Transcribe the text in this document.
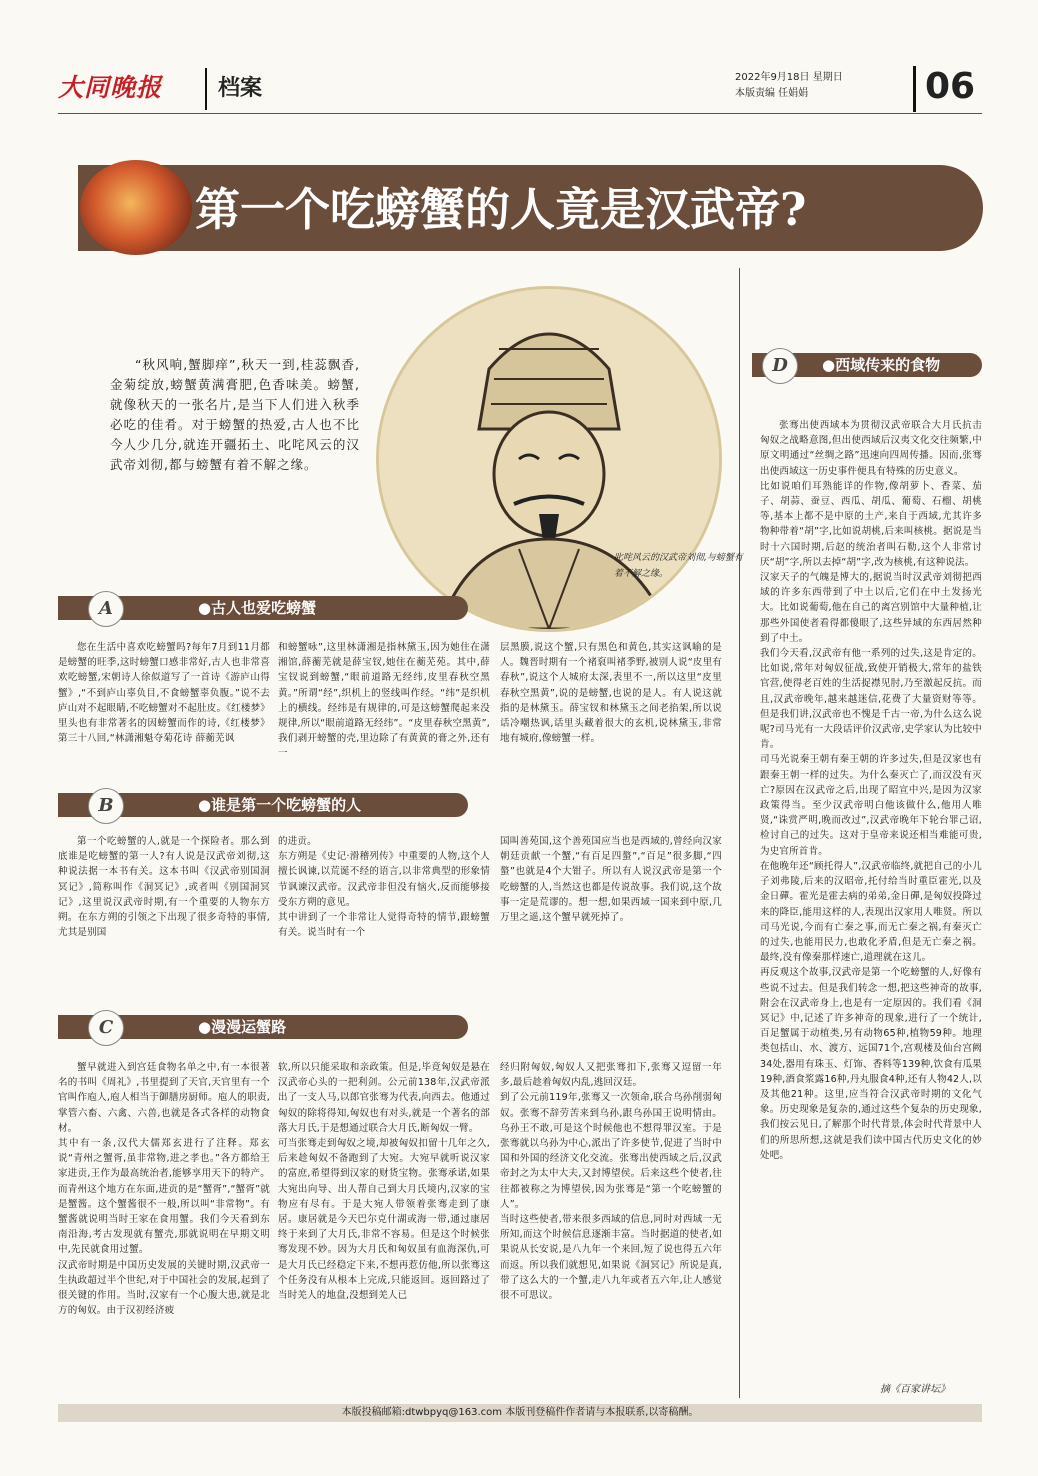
大同晚报	档案	2022年9月18日 星期日
本版责编 任娟娟	06
第一个吃螃蟹的人竟是汉武帝?
叱咤风云的汉武帝刘彻,与螃蟹有着不解之缘。
“秋风响,蟹脚痒”,秋天一到,桂蕊飘香,金菊绽放,螃蟹黄满膏肥,色香味美。螃蟹,就像秋天的一张名片,是当下人们进入秋季必吃的佳肴。对于螃蟹的热爱,古人也不比今人少几分,就连开疆拓土、叱咤风云的汉武帝刘彻,都与螃蟹有着不解之缘。
A	●古人也爱吃螃蟹

您在生活中喜欢吃螃蟹吗?每年7月到11月都是螃蟹的旺季,这时螃蟹口感非常好,古人也非常喜欢吃螃蟹,宋朝诗人徐似道写了一首诗《游庐山得蟹》,“不到庐山辜负目,不食螃蟹辜负腹。”说不去庐山对不起眼睛,不吃螃蟹对不起肚皮。《红楼梦》里头也有非常著名的因螃蟹而作的诗,《红楼梦》第三十八回,“林潇湘魁夺菊花诗 薛蘅芜讽

和螃蟹咏”,这里林潇湘是指林黛玉,因为她住在潇湘馆,薛蘅芜就是薛宝钗,她住在蘅芜苑。其中,薛宝钗说到螃蟹,“眼前道路无经纬,皮里春秋空黑黄。”所谓“经”,织机上的竖线叫作经。“纬”是织机上的横线。经纬是有规律的,可是这螃蟹爬起来没规律,所以“眼前道路无经纬”。“皮里春秋空黑黄”,我们剥开螃蟹的壳,里边除了有黄黄的膏之外,还有一

层黑膜,说这个蟹,只有黑色和黄色,其实这讽喻的是人。魏晋时期有一个褚裒叫褚季野,被别人说“皮里有春秋”,说这个人城府太深,表里不一,所以这里“皮里春秋空黑黄”,说的是螃蟹,也说的是人。有人说这就指的是林黛玉。薛宝钗和林黛玉之间老掐架,所以说话冷嘲热讽,话里头藏着很大的玄机,说林黛玉,非常地有城府,像螃蟹一样。

B	●谁是第一个吃螃蟹的人

第一个吃螃蟹的人,就是一个探险者。那么到底谁是吃螃蟹的第一人?有人说是汉武帝刘彻,这种说法据一本书有关。这本书叫《汉武帝别国洞冥记》,简称叫作《洞冥记》,或者叫《别国洞冥记》,这里说汉武帝时期,有一个重要的人物东方朔。在东方朔的引领之下出现了很多奇特的事情,尤其是别国

的进贡。
东方朔是《史记·滑稽列传》中重要的人物,这个人擅长讽谏,以荒诞不经的语言,以非常典型的形象情节讽谏汉武帝。汉武帝非但没有恼火,反而能够接受东方朔的意见。
其中讲到了一个非常让人觉得奇特的情节,跟螃蟹有关。说当时有一个

国叫善苑国,这个善苑国应当也是西域的,曾经向汉家朝廷贡献一个蟹,“有百足四螯”,“百足”很多脚,“四螯”也就是4个大钳子。所以有人说汉武帝是第一个吃螃蟹的人,当然这也都是传说故事。我们说,这个故事一定是荒谬的。想一想,如果西域一国来到中原,几万里之遥,这个蟹早就死掉了。

C	●漫漫运蟹路

蟹早就进入到宫廷食物名单之中,有一本很著名的书叫《周礼》,书里提到了天官,天官里有一个官叫作庖人,庖人相当于御膳房厨师。庖人的职责,掌管六畜、六禽、六兽,也就是各式各样的动物食材。
其中有一条,汉代大儒郑玄进行了注释。郑玄说“青州之蟹胥,虽非常物,进之孝也。”各方都给王家进贡,王作为最高统治者,能够享用天下的特产。而青州这个地方在东面,进贡的是“蟹胥”,“蟹胥”就是蟹酱。这个蟹酱很不一般,所以叫“非常物”。有蟹酱就说明当时王家在食用蟹。我们今天看到东南沿海,考古发现就有蟹壳,那就说明在早期文明中,先民就食用过蟹。
汉武帝时期是中国历史发展的关键时期,汉武帝一生执政超过半个世纪,对于中国社会的发展,起到了很关键的作用。当时,汉家有一个心腹大患,就是北方的匈奴。由于汉初经济疲

软,所以只能采取和亲政策。但是,毕竟匈奴是悬在汉武帝心头的一把利剑。公元前138年,汉武帝派出了一支人马,以郎官张骞为代表,向西去。他通过匈奴的除将得知,匈奴也有对头,就是一个著名的部落大月氏,于是想通过联合大月氏,断匈奴一臂。
可当张骞走到匈奴之境,却被匈奴扣留十几年之久,后来趁匈奴不备跑到了大宛。大宛早就听说汉家的富庶,希望得到汉家的财货宝物。张骞承诺,如果大宛出向导、出人帮自己到大月氏境内,汉家的宝物应有尽有。于是大宛人带领着张骞走到了康居。康居就是今天巴尔克什湖或海一带,通过康居终于来到了大月氏,非常不容易。但是这个时候张骞发现不妙。因为大月氏和匈奴虽有血海深仇,可是大月氏已经稳定下来,不想再惹仿他,所以张骞这个任务没有从根本上完成,只能返回。返回路过了当时羌人的地盘,没想到羌人已

经归附匈奴,匈奴人又把张骞扣下,张骞又逗留一年多,最后趁着匈奴内乱,逃回汉廷。
到了公元前119年,张骞又一次领命,联合乌孙削弱匈奴。张骞不辞劳苦来到乌孙,跟乌孙国王说明情由。乌孙王不敢,可是这个时候他也不想得罪汉室。于是张骞就以乌孙为中心,派出了许多使节,促进了当时中国和外国的经济文化交流。张骞出使西域之后,汉武帝封之为太中大夫,又封博望侯。后来这些个使者,往往都被称之为博望侯,因为张骞是“第一个吃螃蟹的人”。
当时这些使者,带来很多西域的信息,同时对西域一无所知,而这个时候信息逐渐丰富。当时据道的使者,如果说从长安说,是八九年一个来回,短了说也得五六年而返。所以我们就想见,如果说《洞冥记》所说是真,带了这么大的一个蟹,走八九年或者五六年,让人感觉很不可思议。

D ●西域传来的食物

张骞出使西域本为贯彻汉武帝联合大月氏抗击匈奴之战略意图,但出使西域后汉夷文化交往频繁,中原文明通过“丝绸之路”迅速向四周传播。因而,张骞出使西域这一历史事件便具有特殊的历史意义。
比如说咱们耳熟能详的作物,像胡萝卜、香菜、茄子、胡蒜、蚕豆、西瓜、胡瓜、葡萄、石榴、胡桃等,基本上都不是中原的土产,来自于西域,尤其许多物种带着“胡”字,比如说胡桃,后来叫核桃。据说是当时十六国时期,后赵的统治者叫石勒,这个人非常讨厌“胡”字,所以去掉“胡”字,改为核桃,有这种说法。
汉家天子的气魄是博大的,据说当时汉武帝刘彻把西域的许多东西带到了中土以后,它们在中土发扬光大。比如说葡萄,他在自己的离宫别馆中大量种植,让那些外国使者看得都傻眼了,这些异域的东西居然种到了中土。
我们今天看,汉武帝有他一系列的过失,这是肯定的。比如说,常年对匈奴征战,致使开销极大,常年的盐铁官营,使得老百姓的生活捉襟见肘,乃至激起反抗。而且,汉武帝晚年,越来越迷信,花费了大量资财等等。但是我们讲,汉武帝也不愧是千古一帝,为什么这么说呢?司马光有一大段话评价汉武帝,史学家认为比较中肯。
司马光说秦王朝有秦王朝的许多过失,但是汉家也有跟秦王朝一样的过失。为什么秦灭亡了,而汉没有灭亡?原因在汉武帝之后,出现了昭宣中兴,是因为汉家政策得当。至少汉武帝明白他该做什么,他用人唯贤,“诛赏严明,晚而改过”,汉武帝晚年下轮台罪己诏,检讨自己的过失。这对于皇帝来说还相当难能可贵,为史官所首肯。
在他晚年还“顾托得人”,汉武帝临终,就把自己的小儿子刘弗陵,后来的汉昭帝,托付给当时重臣霍光,以及金日磾。霍光是霍去病的弟弟,金日磾,是匈奴投降过来的降臣,能用这样的人,表现出汉家用人唯贤。所以司马光说,今而有亡秦之事,而无亡秦之祸,有秦灭亡的过失,也能用民力,也敢化矛盾,但是无亡秦之祸。最终,没有像秦那样速亡,道理就在这儿。
再反观这个故事,汉武帝是第一个吃螃蟹的人,好像有些说不过去。但是我们转念一想,把这些神奇的故事,附会在汉武帝身上,也是有一定原因的。我们看《洞冥记》中,记述了许多神奇的现象,进行了一个统计,百足蟹属于动植类,另有动物65种,植物59种。地理类包括山、水、渡方、远国71个,宫观楼及仙台宫阙34处,器用有珠玉、灯饰、香料等139种,饮食有瓜果19种,酒食浆露16种,丹丸服食4种,还有人物42人,以及其他21种。这里,应当符合汉武帝时期的文化气象。历史现象是复杂的,通过这些个复杂的历史现象,我们按云见日,了解那个时代背景,体会时代背景中人们的所思所想,这就是我们读中国古代历史文化的妙处吧。

摘《百家讲坛》
本版投稿邮箱:dtwbpyq@163.com 本版刊登稿件作者请与本报联系,以寄稿酬。
